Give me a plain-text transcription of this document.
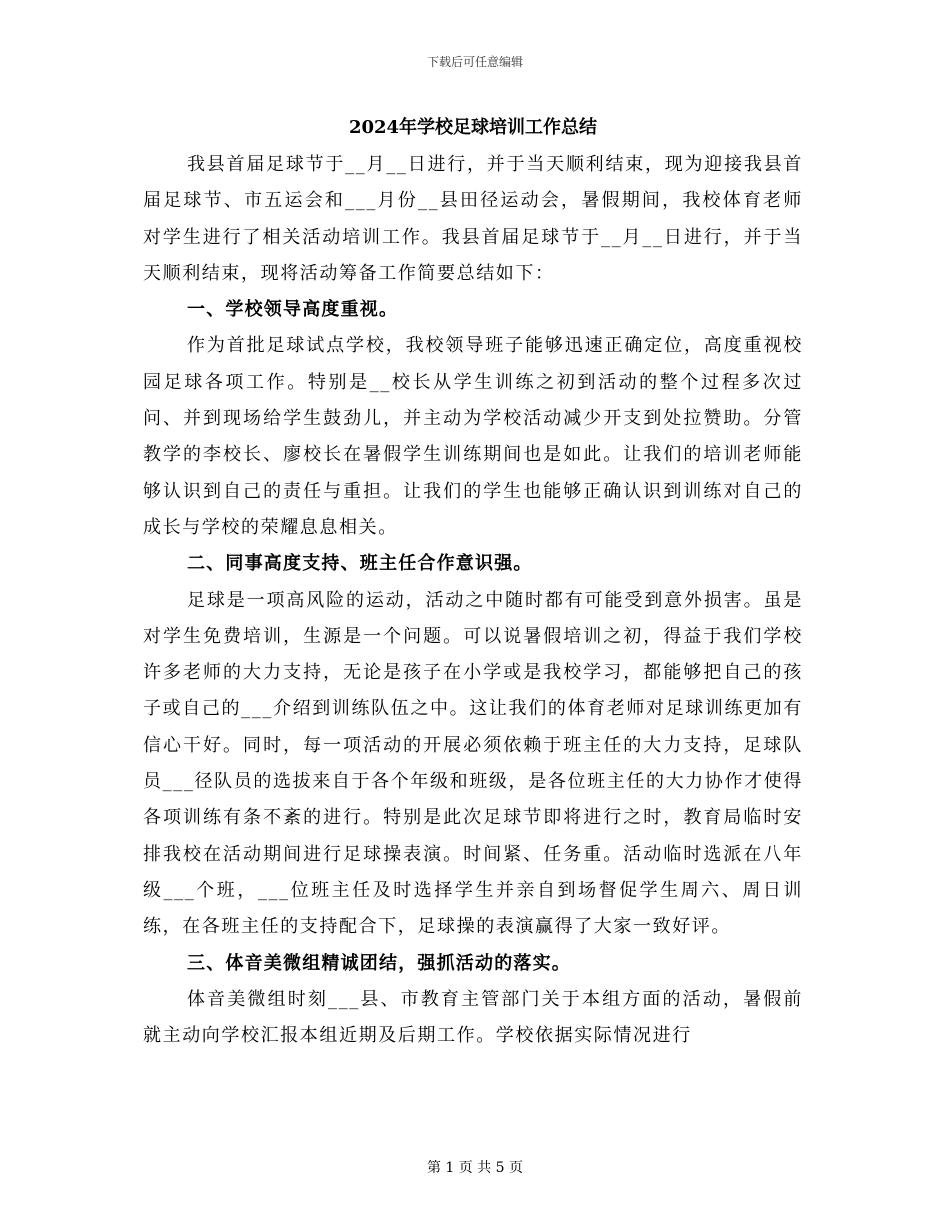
下载后可任意编辑
2024年学校足球培训工作总结

我县首届足球节于__月__日进行，并于当天顺利结束，现为迎接我县首届足球节、市五运会和___月份__县田径运动会，暑假期间，我校体育老师对学生进行了相关活动培训工作。我县首届足球节于__月__日进行，并于当天顺利结束，现将活动筹备工作简要总结如下：

一、学校领导高度重视。

作为首批足球试点学校，我校领导班子能够迅速正确定位，高度重视校园足球各项工作。特别是__校长从学生训练之初到活动的整个过程多次过问、并到现场给学生鼓劲儿，并主动为学校活动减少开支到处拉赞助。分管教学的李校长、廖校长在暑假学生训练期间也是如此。让我们的培训老师能够认识到自己的责任与重担。让我们的学生也能够正确认识到训练对自己的成长与学校的荣耀息息相关。

二、同事高度支持、班主任合作意识强。

足球是一项高风险的运动，活动之中随时都有可能受到意外损害。虽是对学生免费培训，生源是一个问题。可以说暑假培训之初，得益于我们学校许多老师的大力支持，无论是孩子在小学或是我校学习，都能够把自己的孩子或自己的___介绍到训练队伍之中。这让我们的体育老师对足球训练更加有信心干好。同时，每一项活动的开展必须依赖于班主任的大力支持，足球队员___径队员的选拔来自于各个年级和班级，是各位班主任的大力协作才使得各项训练有条不紊的进行。特别是此次足球节即将进行之时，教育局临时安排我校在活动期间进行足球操表演。时间紧、任务重。活动临时选派在八年级___个班，___位班主任及时选择学生并亲自到场督促学生周六、周日训练，在各班主任的支持配合下，足球操的表演赢得了大家一致好评。

三、体音美微组精诚团结，强抓活动的落实。

体音美微组时刻___县、市教育主管部门关于本组方面的活动，暑假前就主动向学校汇报本组近期及后期工作。学校依据实际情况进行

第 1 页 共 5 页
